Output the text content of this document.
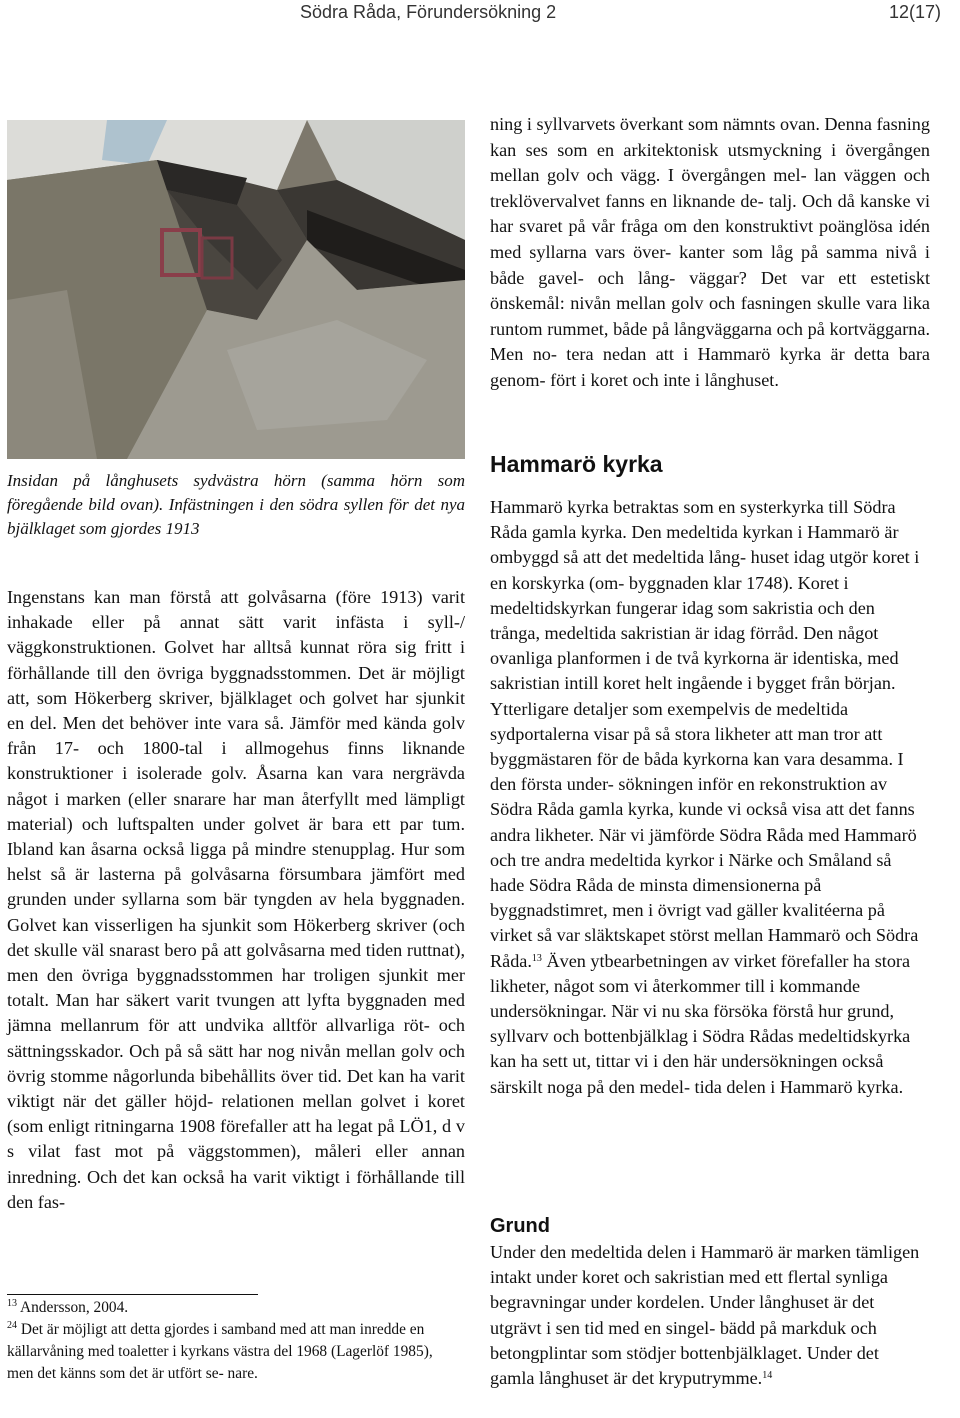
Södra Råda, Förundersökning 2	12(17)

Insidan på långhusets sydvästra hörn (samma hörn som föregående bild ovan). Infästningen i den södra syllen för det nya bjälklaget som gjordes 1913

Ingenstans kan man förstå att golvåsarna (före 1913) varit inhakade eller på annat sätt varit infästa i syll-/ väggkonstruktionen. Golvet har alltså kunnat röra sig fritt i förhållande till den övriga byggnadsstommen. Det är möjligt att, som Hökerberg skriver, bjälklaget och golvet har sjunkit en del. Men det behöver inte vara så. Jämför med kända golv från 17- och 1800-tal i allmogehus finns liknande konstruktioner i isolerade golv. Åsarna kan vara nergrävda något i marken (eller snarare har man återfyllt med lämpligt material) och luftspalten under golvet är bara ett par tum. Ibland kan åsarna också ligga på mindre stenupplag. Hur som helst så är lasterna på golvåsarna försumbara jämfört med grunden under syllarna som bär tyngden av hela byggnaden. Golvet kan visserligen ha sjunkit som Hökerberg skriver (och det skulle väl snarast bero på att golvåsarna med tiden ruttnat), men den övriga byggnadsstommen har troligen sjunkit mer totalt. Man har säkert varit tvungen att lyfta byggnaden med jämna mellanrum för att undvika alltför allvarliga röt- och sättningsskador. Och på så sätt har nog nivån mellan golv och övrig stomme någorlunda bibehållits över tid. Det kan ha varit viktigt när det gäller höjd- relationen mellan golvet i koret (som enligt ritningarna 1908 förefaller att ha legat på LÖ1, d v s vilat fast mot på väggstommen), måleri eller annan inredning. Och det kan också ha varit viktigt i förhållande till den fas-

$^{13}$ Andersson, 2004.

$^{24}$ Det är möjligt att detta gjordes i samband med att man inredde en källarvåning med toaletter i kyrkans västra del 1968 (Lagerlöf 1985), men det känns som det är utfört se- nare.

ning i syllvarvets överkant som nämnts ovan. Denna fasning kan ses som en arkitektonisk utsmyckning i övergången mellan golv och vägg. I övergången mel- lan väggen och treklövervalvet fanns en liknande de- talj. Och då kanske vi har svaret på vår fråga om den konstruktivt poänglösa idén med syllarna vars över- kanter som låg på samma nivå i både gavel- och lång- väggar? Det var ett estetiskt önskemål: nivån mellan golv och fasningen skulle vara lika runtom rummet, både på långväggarna och på kortväggarna. Men no- tera nedan att i Hammarö kyrka är detta bara genom- fört i koret och inte i långhuset.

Hammarö kyrka

Hammarö kyrka betraktas som en systerkyrka till Södra Råda gamla kyrka. Den medeltida kyrkan i Hammarö är ombyggd så att det medeltida lång- huset idag utgör koret i en korskyrka (om- byggnaden klar 1748). Koret i medeltidskyrkan fungerar idag som sakristia och den trånga, medeltida sakristian är idag förråd. Den något ovanliga planformen i de två kyrkorna är identiska, med sakristian intill koret helt ingående i bygget från början. Ytterligare detaljer som exempelvis de medeltida sydportalerna visar på så stora likheter att man tror att byggmästaren för de båda kyrkorna kan vara desamma. I den första under- sökningen inför en rekonstruktion av Södra Råda gamla kyrka, kunde vi också visa att det fanns andra likheter. När vi jämförde Södra Råda med Hammarö och tre andra medeltida kyrkor i Närke och Småland så hade Södra Råda de minsta dimensionerna på byggnadstimret, men i övrigt vad gäller kvalitéerna på virket så var släktskapet störst mellan Hammarö och Södra Råda.$^{13}$ Även ytbearbetningen av virket förefaller ha stora likheter, något som vi återkommer till i kommande undersökningar. När vi nu ska försöka förstå hur grund, syllvarv och bottenbjälklag i Södra Rådas medeltidskyrka kan ha sett ut, tittar vi i den här undersökningen också särskilt noga på den medel- tida delen i Hammarö kyrka.

Grund

Under den medeltida delen i Hammarö är marken tämligen intakt under koret och sakristian med ett flertal synliga begravningar under kordelen. Under långhuset är det utgrävt i sen tid med en singel- bädd på markduk och betongplintar som stödjer bottenbjälklaget. Under det gamla långhuset är det kryputrymme.$^{14}$
